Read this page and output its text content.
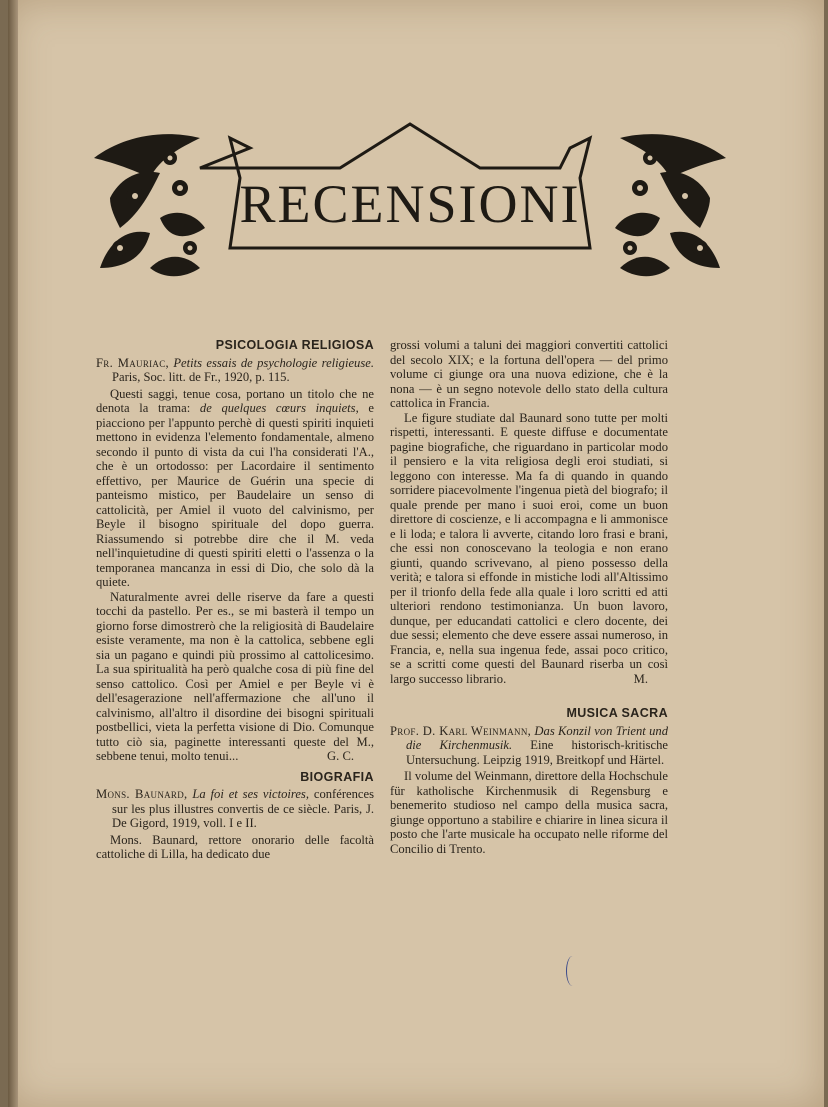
RECENSIONI

PSICOLOGIA RELIGIOSA

Fr. Mauriac, Petits essais de psychologie religieuse. Paris, Soc. litt. de Fr., 1920, p. 115.

Questi saggi, tenue cosa, portano un titolo che ne denota la trama: de quelques cœurs inquiets, e piacciono per l'appunto perchè di questi spiriti inquieti mettono in evidenza l'elemento fondamentale, almeno secondo il punto di vista da cui l'ha considerati l'A., che è un ortodosso: per Lacordaire il sentimento effettivo, per Maurice de Guérin una specie di panteismo mistico, per Baudelaire un senso di cattolicità, per Amiel il vuoto del calvinismo, per Beyle il bisogno spirituale del dopo guerra. Riassumendo si potrebbe dire che il M. veda nell'inquietudine di questi spiriti eletti o l'assenza o la temporanea mancanza in essi di Dio, che solo dà la quiete.

Naturalmente avrei delle riserve da fare a questi tocchi da pastello. Per es., se mi basterà il tempo un giorno forse dimostrerò che la religiosità di Baudelaire esiste veramente, ma non è la cattolica, sebbene egli sia un pagano e quindi più prossimo al cattolicesimo. La sua spiritualità ha però qualche cosa di più fine del senso cattolico. Così per Amiel e per Beyle vi è dell'esagerazione nell'affermazione che all'uno il calvinismo, all'altro il disordine dei bisogni spirituali postbellici, vieta la perfetta visione di Dio. Comunque tutto ciò sia, paginette interessanti queste del M., sebbene tenui, molto tenui...	G. C.

BIOGRAFIA

Mons. Baunard, La foi et ses victoires, conférences sur les plus illustres convertis de ce siècle. Paris, J. De Gigord, 1919, voll. I e II.

Mons. Baunard, rettore onorario delle facoltà cattoliche di Lilla, ha dedicato due

grossi volumi a taluni dei maggiori convertiti cattolici del secolo XIX; e la fortuna dell'opera — del primo volume ci giunge ora una nuova edizione, che è la nona — è un segno notevole dello stato della cultura cattolica in Francia.

Le figure studiate dal Baunard sono tutte per molti rispetti, interessanti. E queste diffuse e documentate pagine biografiche, che riguardano in particolar modo il pensiero e la vita religiosa degli eroi studiati, si leggono con interesse. Ma fa di quando in quando sorridere piacevolmente l'ingenua pietà del biografo; il quale prende per mano i suoi eroi, come un buon direttore di coscienze, e li accompagna e li ammonisce e li loda; e talora li avverte, citando loro frasi e brani, che essi non conoscevano la teologia e non erano giunti, quando scrivevano, al pieno possesso della verità; e talora si effonde in mistiche lodi all'Altissimo per il trionfo della fede alla quale i loro scritti ed atti ulteriori rendono testimonianza. Un buon lavoro, dunque, per educandati cattolici e clero docente, dei due sessi; elemento che deve essere assai numeroso, in Francia, e, nella sua ingenua fede, assai poco critico, se a scritti come questi del Baunard riserba un così largo successo librario.	M.

MUSICA SACRA

Prof. D. Karl Weinmann, Das Konzil von Trient und die Kirchenmusik. Eine historisch-kritische Untersuchung. Leipzig 1919, Breitkopf und Härtel.

Il volume del Weinmann, direttore della Hochschule für katholische Kirchenmusik di Regensburg e benemerito studioso nel campo della musica sacra, giunge opportuno a stabilire e chiarire in linea sicura il posto che l'arte musicale ha occupato nelle riforme del Concilio di Trento.
